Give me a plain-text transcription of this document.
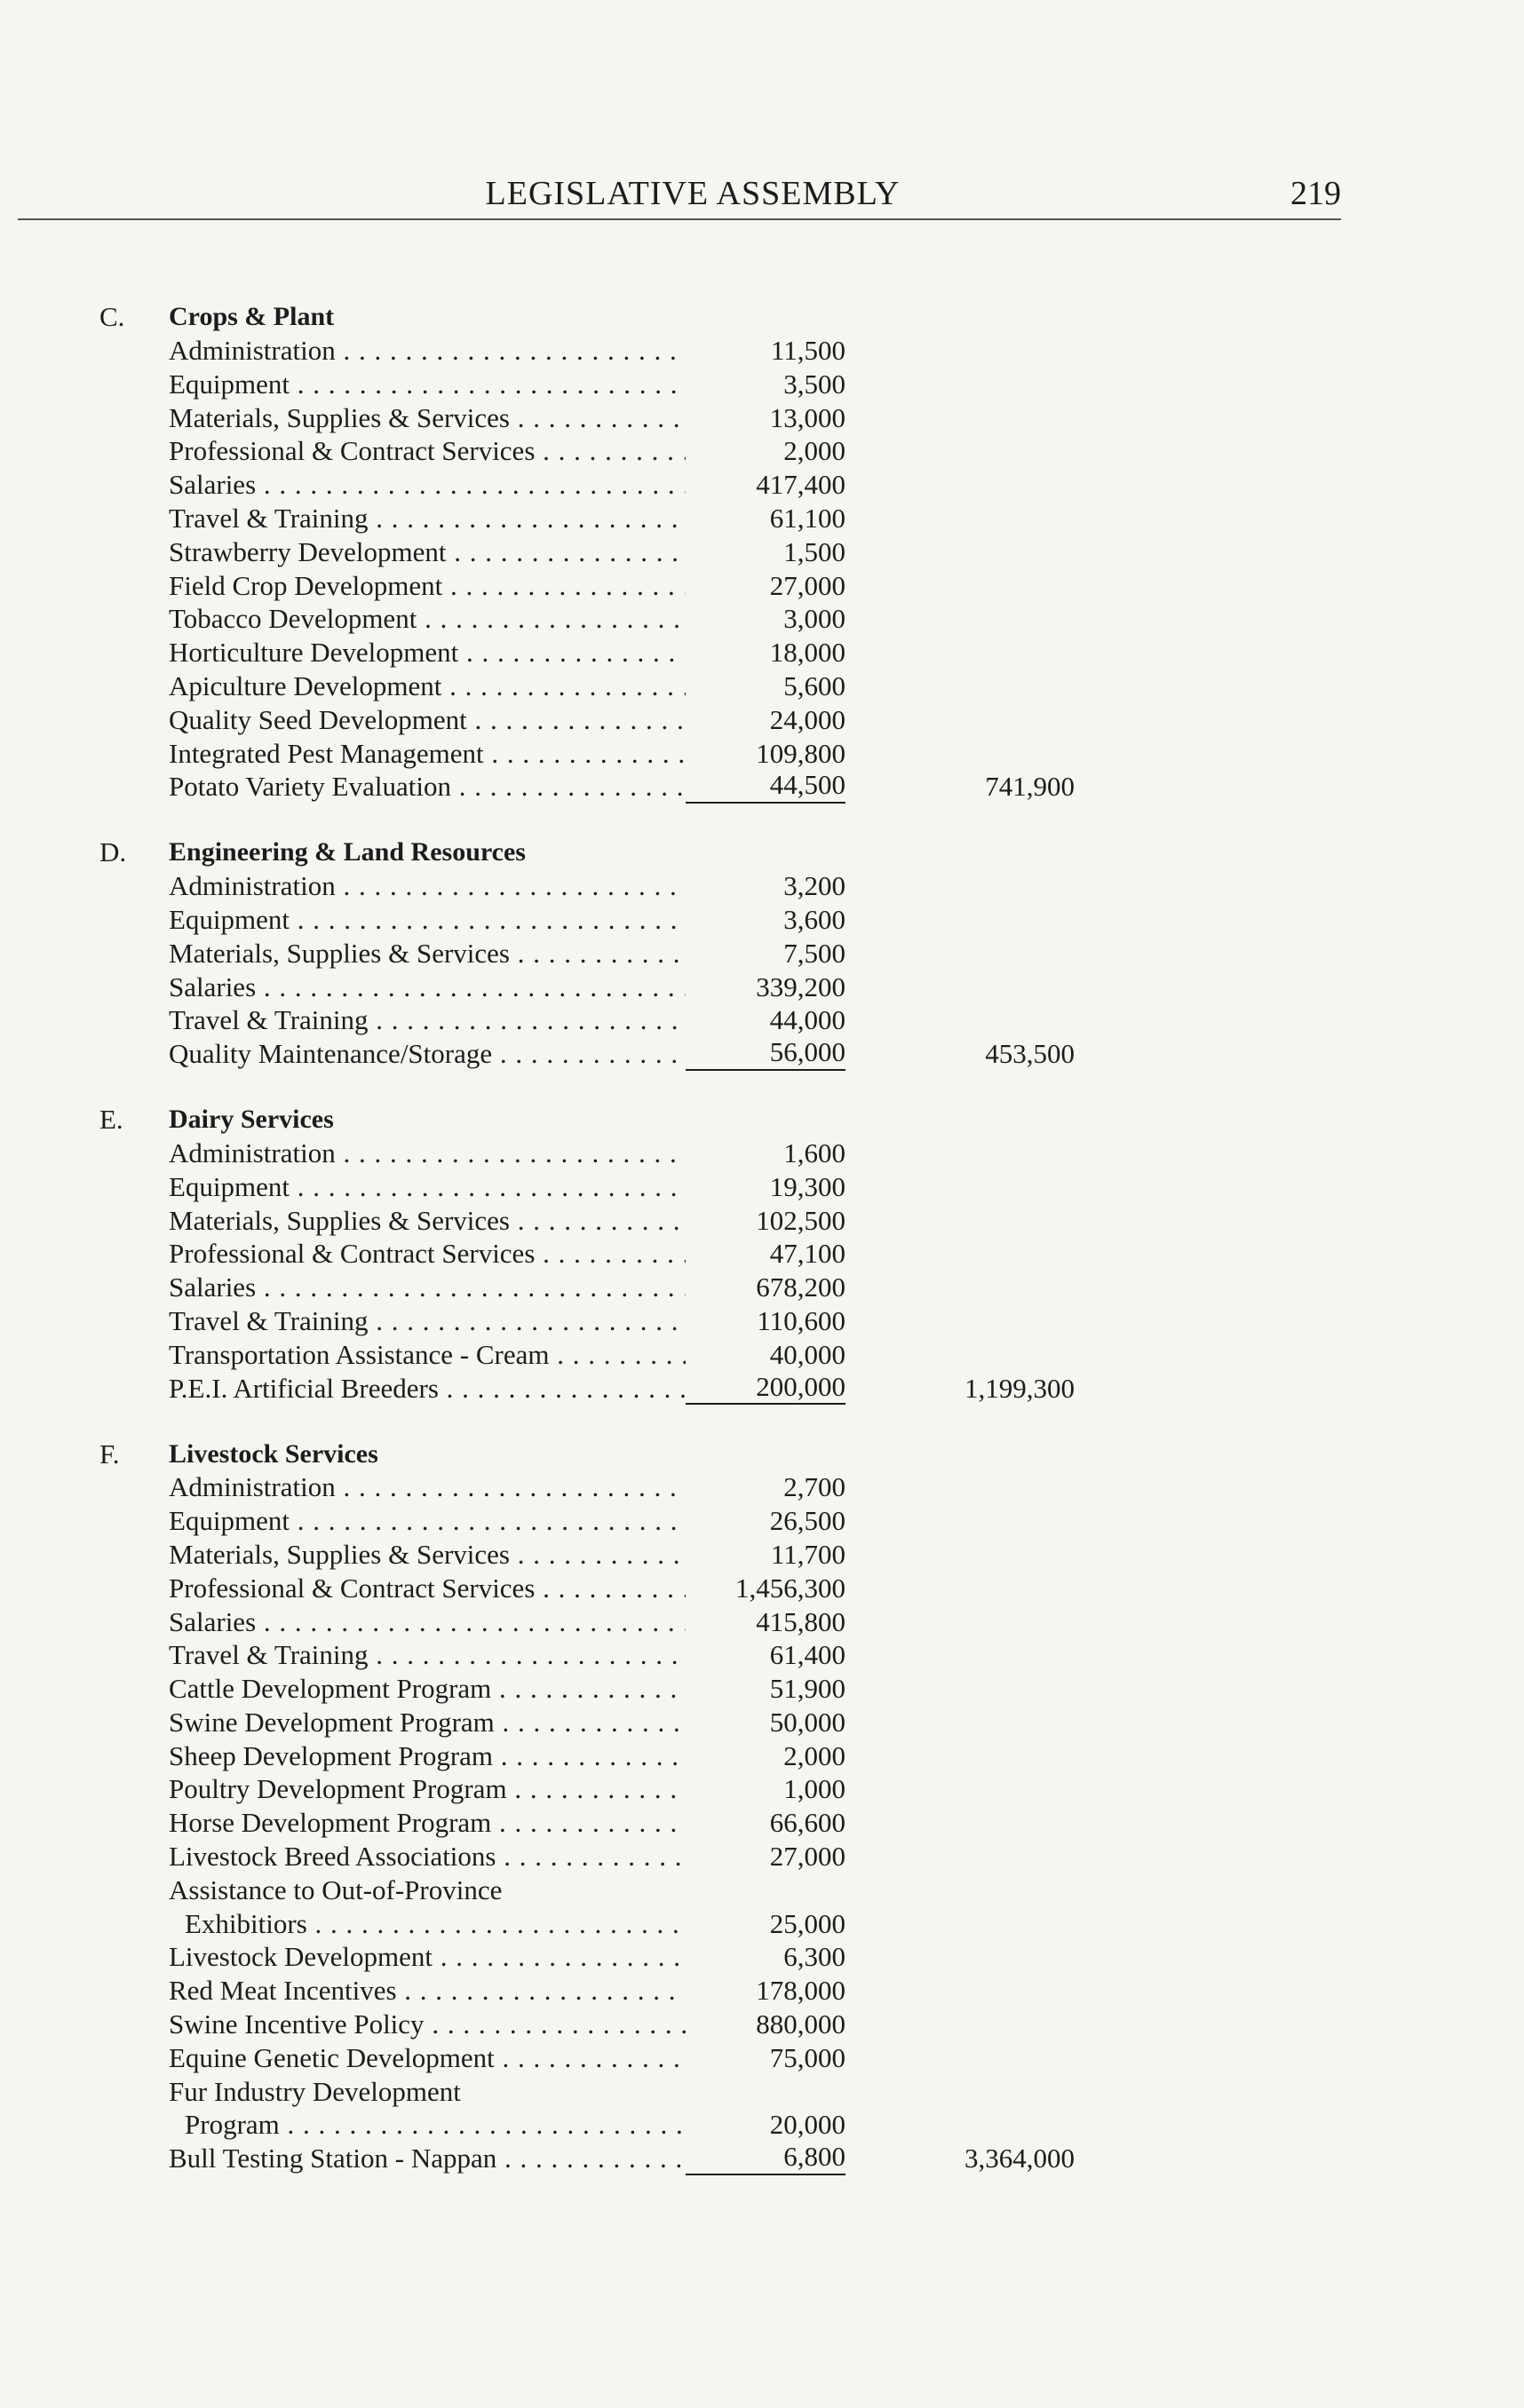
LEGISLATIVE ASSEMBLY	219
C.	Crops & Plant
Administration . . .	11,500
Equipment . . .	3,500
Materials, Supplies & Services . . .	13,000
Professional & Contract Services . . .	2,000
Salaries . . .	417,400
Travel & Training . . .	61,100
Strawberry Development . . .	1,500
Field Crop Development . . .	27,000
Tobacco Development . . .	3,000
Horticulture Development . . .	18,000
Apiculture Development . . .	5,600
Quality Seed Development . . .	24,000
Integrated Pest Management . . .	109,800
Potato Variety Evaluation . . .	44,500	741,900
D.	Engineering & Land Resources
Administration . . .	3,200
Equipment . . .	3,600
Materials, Supplies & Services . . .	7,500
Salaries . . .	339,200
Travel & Training . . .	44,000
Quality Maintenance/Storage . . .	56,000	453,500
E.	Dairy Services
Administration . . .	1,600
Equipment . . .	19,300
Materials, Supplies & Services . . .	102,500
Professional & Contract Services . . .	47,100
Salaries . . .	678,200
Travel & Training . . .	110,600
Transportation Assistance - Cream . . .	40,000
P.E.I. Artificial Breeders . . .	200,000	1,199,300
F.	Livestock Services
Administration . . .	2,700
Equipment . . .	26,500
Materials, Supplies & Services . . .	11,700
Professional & Contract Services . . .	1,456,300
Salaries . . .	415,800
Travel & Training . . .	61,400
Cattle Development Program . . .	51,900
Swine Development Program . . .	50,000
Sheep Development Program . . .	2,000
Poultry Development Program . . .	1,000
Horse Development Program . . .	66,600
Livestock Breed Associations . . .	27,000
Assistance to Out-of-Province
Exhibitiors . . .	25,000
Livestock Development . . .	6,300
Red Meat Incentives . . .	178,000
Swine Incentive Policy . . .	880,000
Equine Genetic Development . . .	75,000
Fur Industry Development
Program . . .	20,000
Bull Testing Station - Nappan . . .	6,800	3,364,000
